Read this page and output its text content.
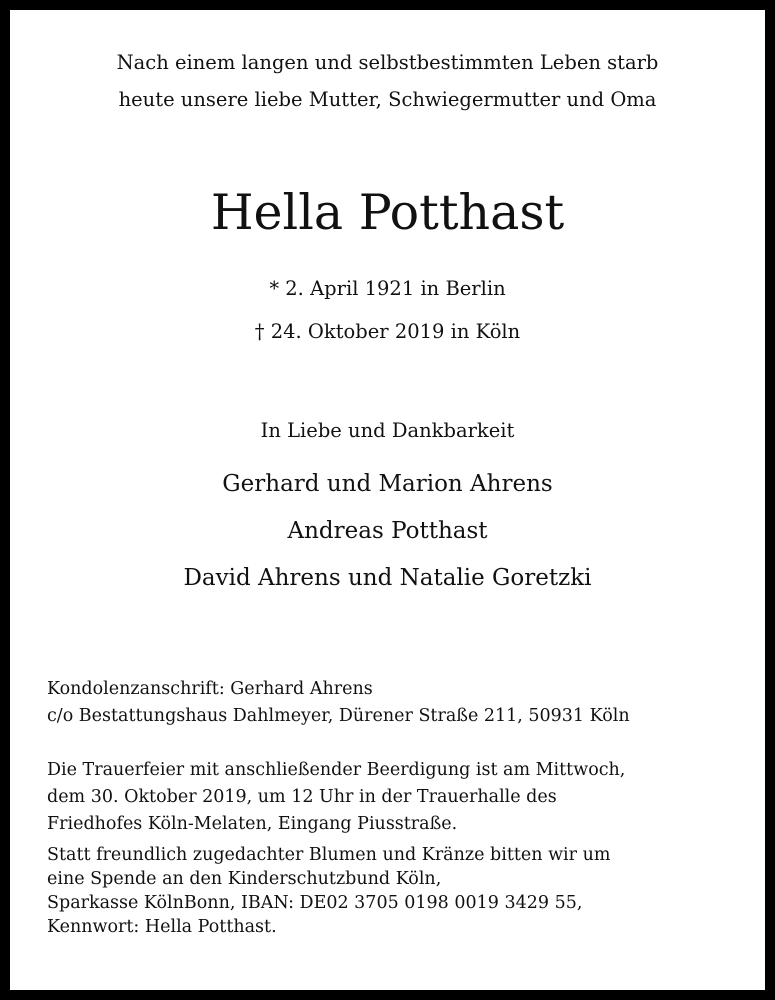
Nach einem langen und selbstbestimmten Leben starb
heute unsere liebe Mutter, Schwiegermutter und Oma
Hella Potthast
* 2. April 1921 in Berlin
† 24. Oktober 2019 in Köln
In Liebe und Dankbarkeit
Gerhard und Marion Ahrens
Andreas Potthast
David Ahrens und Natalie Goretzki
Kondolenzanschrift: Gerhard Ahrens
c/o Bestattungshaus Dahlmeyer, Dürener Straße 211, 50931 Köln
Die Trauerfeier mit anschließender Beerdigung ist am Mittwoch,
dem 30. Oktober 2019, um 12 Uhr in der Trauerhalle des
Friedhofes Köln-Melaten, Eingang Piusstraße.
Statt freundlich zugedachter Blumen und Kränze bitten wir um
eine Spende an den Kinderschutzbund Köln,
Sparkasse KölnBonn, IBAN: DE02 3705 0198 0019 3429 55,
Kennwort: Hella Potthast.
